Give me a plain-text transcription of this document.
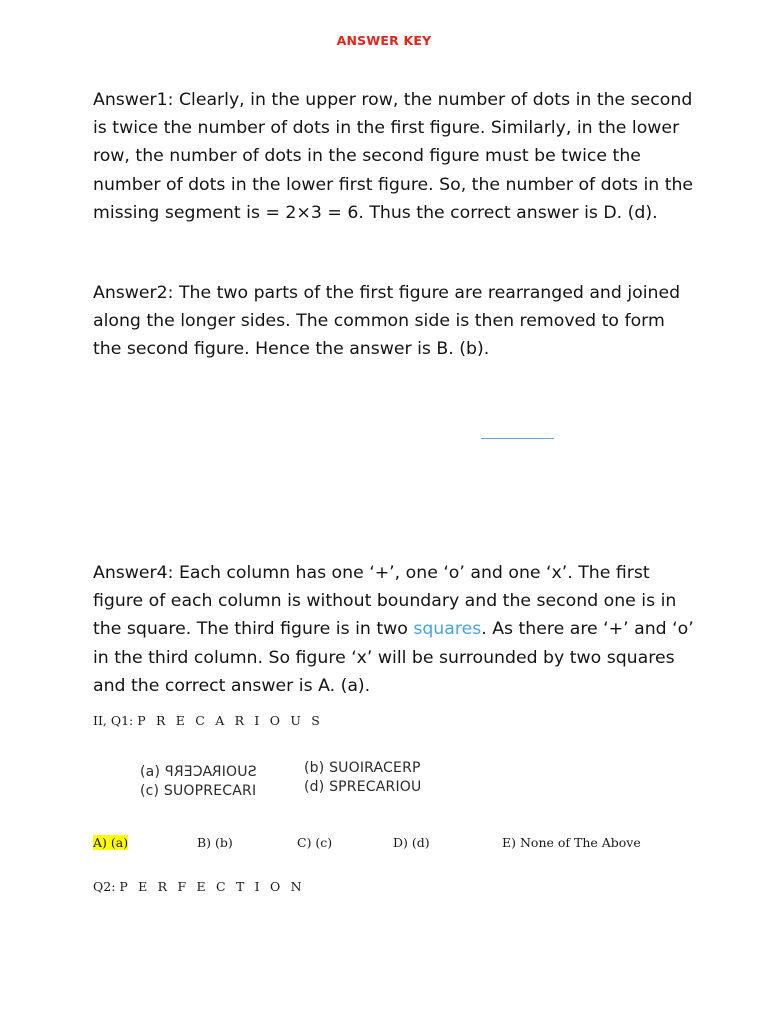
ANSWER KEY
Answer1: Clearly, in the upper row, the number of dots in the second
is twice the number of dots in the first figure. Similarly, in the lower
row, the number of dots in the second figure must be twice the
number of dots in the lower first figure. So, the number of dots in the
missing segment is = 2×3 = 6. Thus the correct answer is D. (d).
Answer2: The two parts of the first figure are rearranged and joined
along the longer sides. The common side is then removed to form
the second figure. Hence the answer is B. (b).
Answer4: Each column has one ‘+’, one ‘o’ and one ‘x’. The first
figure of each column is without boundary and the second one is in
the square. The third figure is in two squares. As there are ‘+’ and ‘o’
in the third column. So figure ‘x’ will be surrounded by two squares
and the correct answer is A. (a).
II, Q1: P R E C A R I O U S
(a) SUOIRACERP	(b) SUOIRACERP
(c) SUOPRECARI	(d) SPRECARIOU
A) (a)	B) (b)	C) (c)	D) (d)	E) None of The Above
Q2: P E R F E C T I O N
